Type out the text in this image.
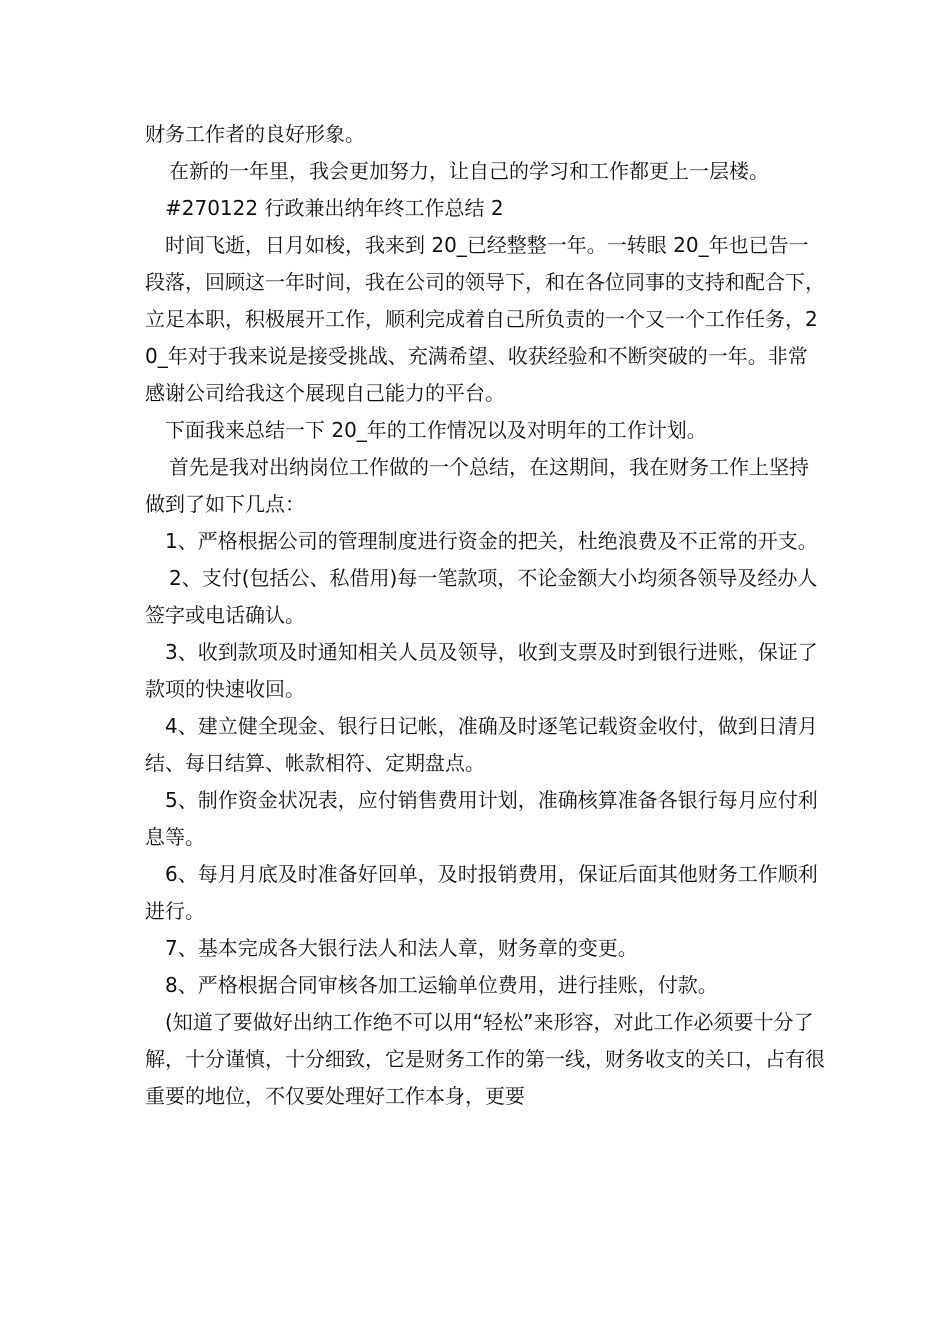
财务工作者的良好形象。

在新的一年里，我会更加努力，让自己的学习和工作都更上一层楼。

#270122 行政兼出纳年终工作总结 2

时间飞逝，日月如梭，我来到 20_已经整整一年。一转眼 20_年也已告一段落，回顾这一年时间，我在公司的领导下，和在各位同事的支持和配合下，立足本职，积极展开工作，顺利完成着自己所负责的一个又一个工作任务，20_年对于我来说是接受挑战、充满希望、收获经验和不断突破的一年。非常感谢公司给我这个展现自己能力的平台。

下面我来总结一下 20_年的工作情况以及对明年的工作计划。

首先是我对出纳岗位工作做的一个总结，在这期间，我在财务工作上坚持做到了如下几点：

1、严格根据公司的管理制度进行资金的把关，杜绝浪费及不正常的开支。

2、支付(包括公、私借用)每一笔款项，不论金额大小均须各领导及经办人签字或电话确认。

3、收到款项及时通知相关人员及领导，收到支票及时到银行进账，保证了款项的快速收回。

4、建立健全现金、银行日记帐，准确及时逐笔记载资金收付，做到日清月结、每日结算、帐款相符、定期盘点。

5、制作资金状况表，应付销售费用计划，准确核算准备各银行每月应付利息等。

6、每月月底及时准备好回单，及时报销费用，保证后面其他财务工作顺利进行。

7、基本完成各大银行法人和法人章，财务章的变更。

8、严格根据合同审核各加工运输单位费用，进行挂账，付款。

(知道了要做好出纳工作绝不可以用“轻松”来形容，对此工作必须要十分了解，十分谨慎，十分细致，它是财务工作的第一线，财务收支的关口，占有很重要的地位，不仅要处理好工作本身，更要
